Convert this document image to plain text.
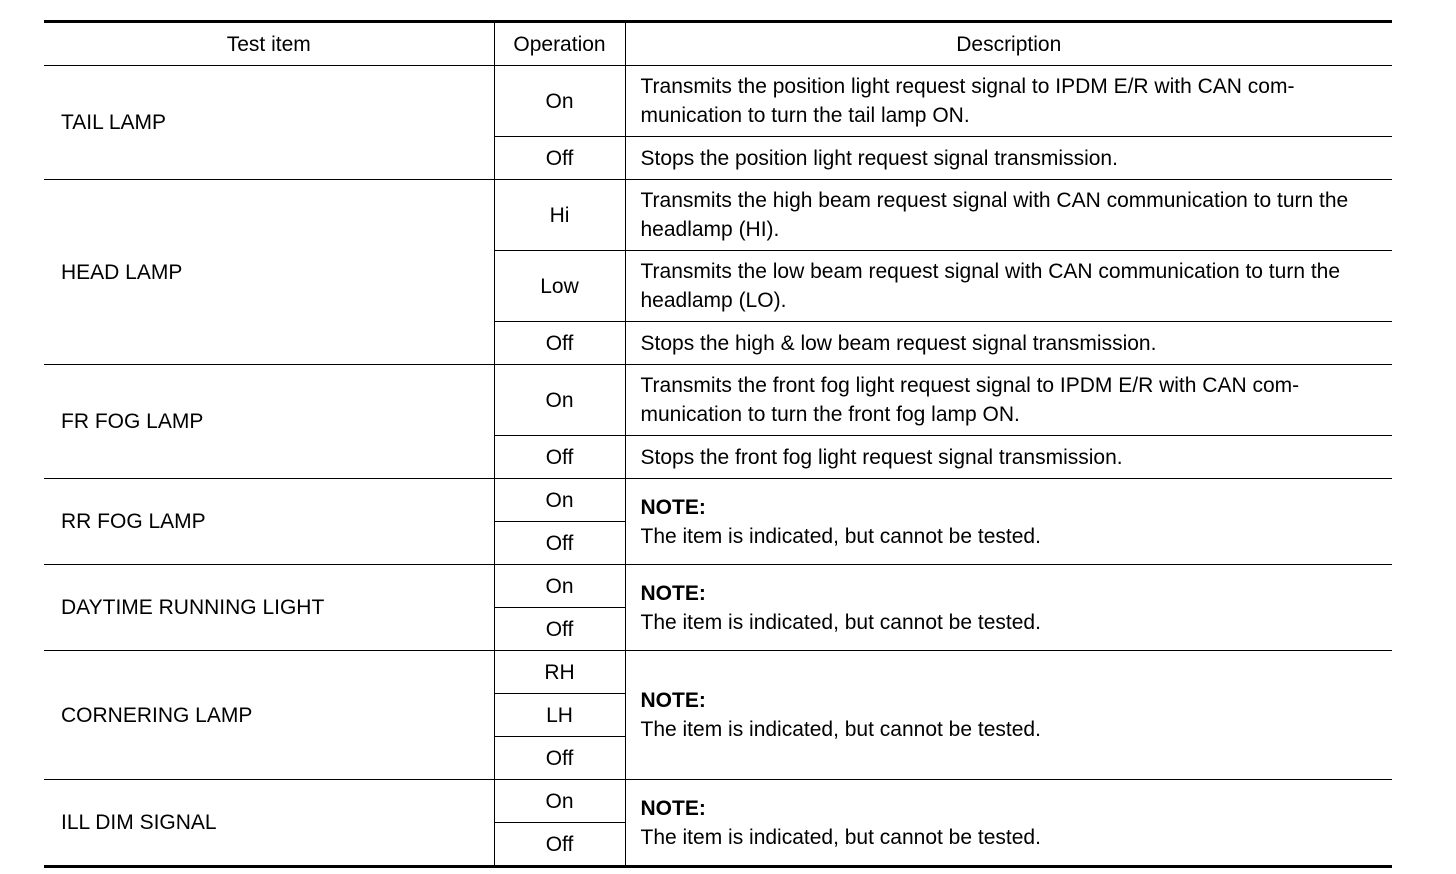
Test item	Operation	Description
TAIL LAMP	On	Transmits the position light request signal to IPDM E/R with CAN com-munication to turn the tail lamp ON.
	Off	Stops the position light request signal transmission.
HEAD LAMP	Hi	Transmits the high beam request signal with CAN communication to turn the headlamp (HI).
	Low	Transmits the low beam request signal with CAN communication to turn the headlamp (LO).
	Off	Stops the high & low beam request signal transmission.
FR FOG LAMP	On	Transmits the front fog light request signal to IPDM E/R with CAN com-munication to turn the front fog lamp ON.
	Off	Stops the front fog light request signal transmission.
RR FOG LAMP	On	NOTE:
The item is indicated, but cannot be tested.

	Off	
DAYTIME RUNNING LIGHT	On	NOTE:
The item is indicated, but cannot be tested.

	Off	
CORNERING LAMP	RH	NOTE:
The item is indicated, but cannot be tested.

	LH	
	Off	
ILL DIM SIGNAL	On	NOTE:
The item is indicated, but cannot be tested.

	Off	
